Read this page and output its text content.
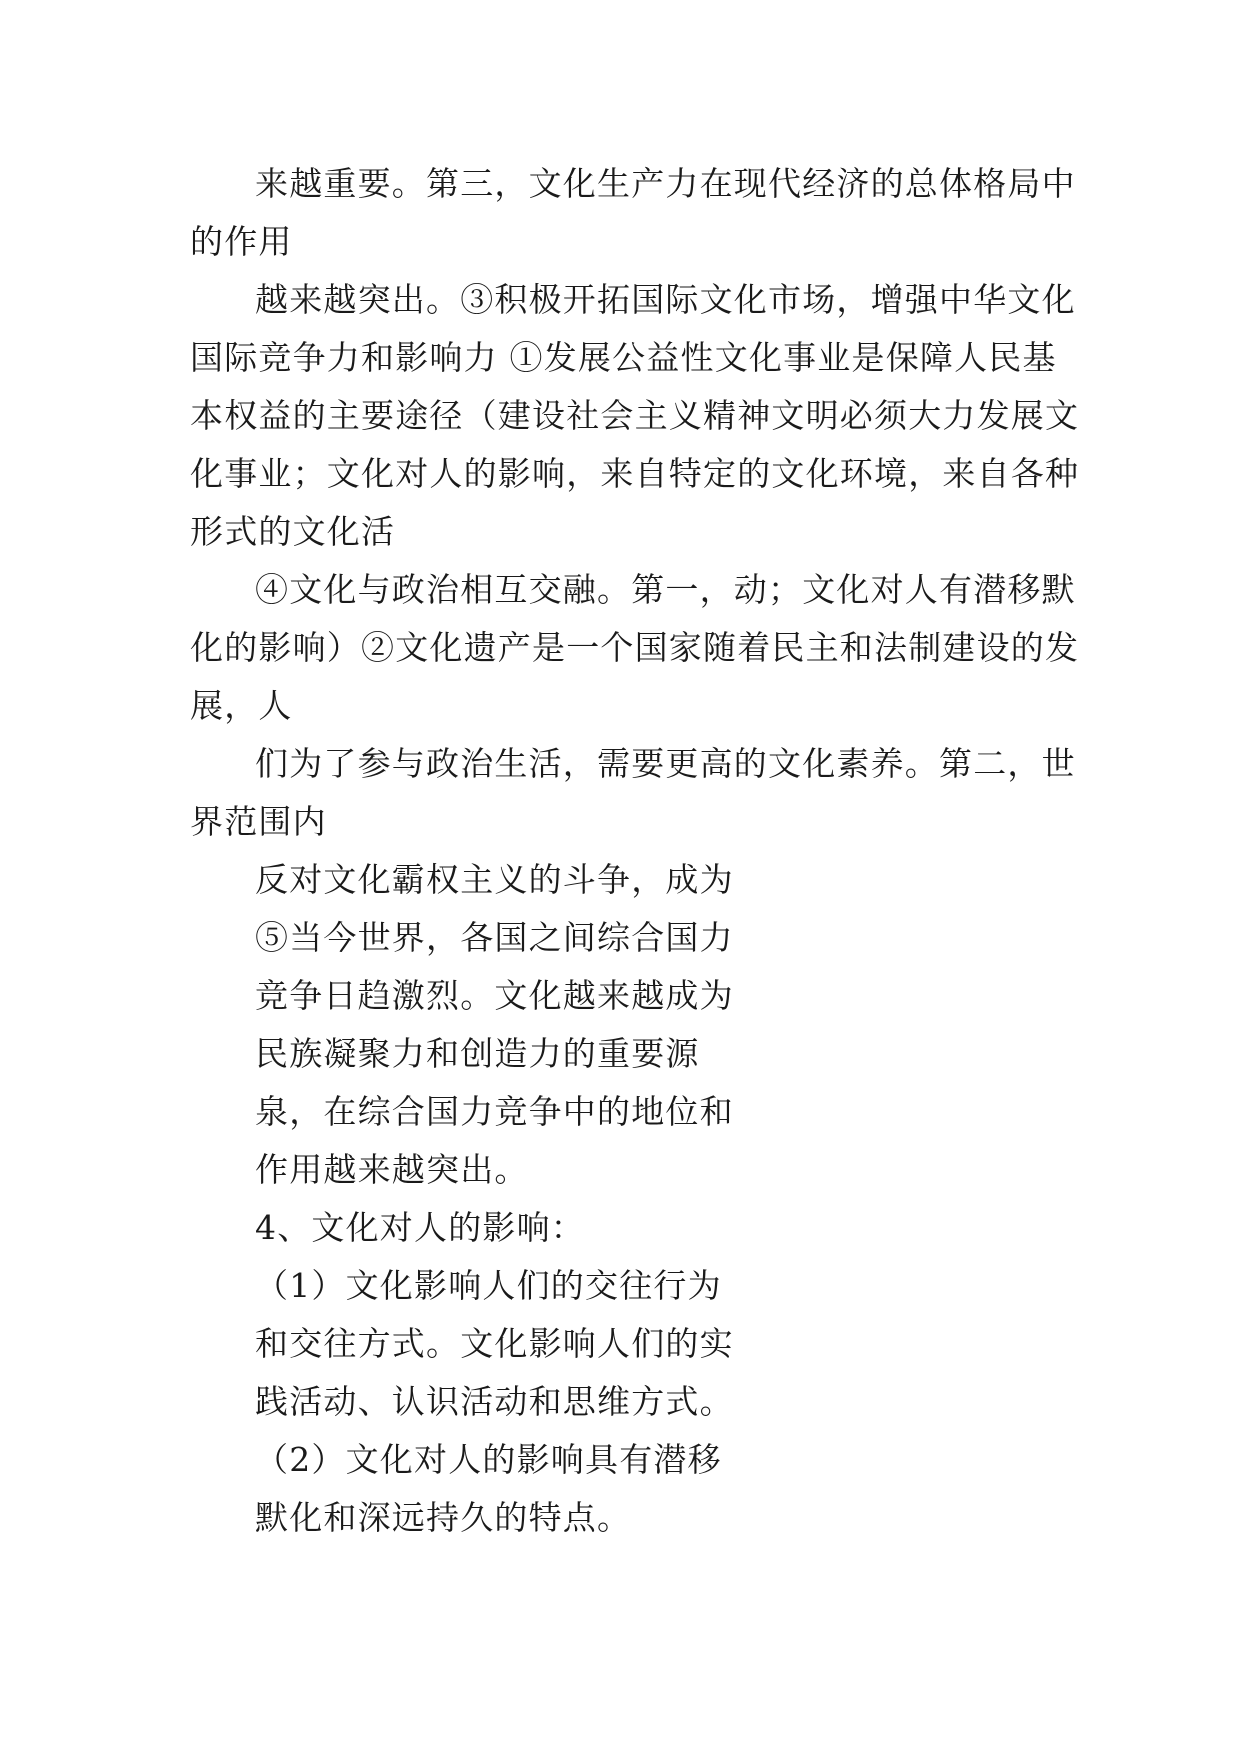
来越重要。第三，文化生产力在现代经济的总体格局中
的作用
越来越突出。③积极开拓国际文化市场，增强中华文化
国际竞争力和影响力 ①发展公益性文化事业是保障人民基
本权益的主要途径（建设社会主义精神文明必须大力发展文
化事业；文化对人的影响，来自特定的文化环境，来自各种
形式的文化活
④文化与政治相互交融。第一，动；文化对人有潜移默
化的影响）②文化遗产是一个国家随着民主和法制建设的发
展，人
们为了参与政治生活，需要更高的文化素养。第二，世
界范围内
反对文化霸权主义的斗争，成为
⑤当今世界，各国之间综合国力
竞争日趋激烈。文化越来越成为
民族凝聚力和创造力的重要源
泉，在综合国力竞争中的地位和
作用越来越突出。
4、文化对人的影响：
（1）文化影响人们的交往行为
和交往方式。文化影响人们的实
践活动、认识活动和思维方式。
（2）文化对人的影响具有潜移
默化和深远持久的特点。
